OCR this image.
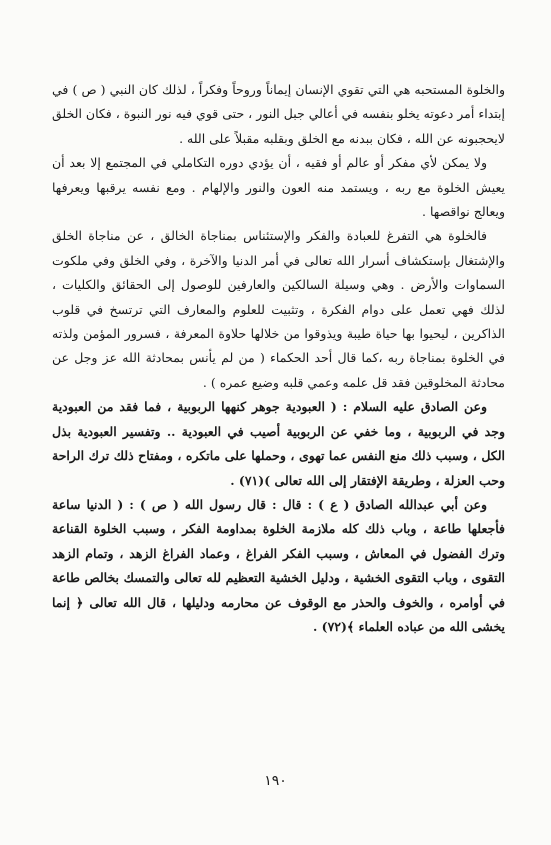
والخلوة المستحبه هي التي تقوي الإنسان إيماناً وروحاً وفكراً ، لذلك كان النبي ( ص ) في إبتداء أمر دعوته يخلو بنفسه في أعالي جبل النور ، حتى قوي فيه نور النبوة ، فكان الخلق لايحجبونه عن الله ، فكان ببدنه مع الخلق وبقلبه مقبلاً على الله .

ولا يمكن لأي مفكر أو عالم أو فقيه ، أن يؤدي دوره التكاملي في المجتمع إلا بعد أن يعيش الخلوة مع ربه ، ويستمد منه العون والنور والإلهام . ومع نفسه يرقبها ويعرفها ويعالج نواقصها .

فالخلوة هي التفرغ للعبادة والفكر والإستئناس بمناجاة الخالق ، عن مناجاة الخلق والإشتغال بإستكشاف أسرار الله تعالى في أمر الدنيا والآخرة ، وفي الخلق وفي ملكوت السماوات والأرض . وهي وسيلة السالكين والعارفين للوصول إلى الحقائق والكليات ، لذلك فهي تعمل على دوام الفكرة ، وتثبيت للعلوم والمعارف التي ترتسخ في قلوب الذاكرين ، ليحيوا بها حياة طيبة ويذوقوا من خلالها حلاوة المعرفة ، فسرور المؤمن ولذته في الخلوة بمناجاة ربه ،كما قال أحد الحكماء ( من لم يأنس بمحادثة الله عز وجل عن محادثة المخلوقين فقد قل علمه وعمي قلبه وضيع عمره ) .

وعن الصادق عليه السلام : ( العبودية جوهر كنهها الربوبية ، فما فقد من العبودية وجد في الربوبية ، وما خفي عن الربوبية أصيب في العبودية .. وتفسير العبودية بذل الكل ، وسبب ذلك منع النفس عما تهوى ، وحملها على ماتكره ، ومفتاح ذلك ترك الراحة وحب العزلة ، وطريقة الإفتقار إلى الله تعالى )(٧١) .

وعن أبي عبدالله الصادق ( ع ) : قال : قال رسول الله ( ص ) : ( الدنيا ساعة فأجعلها طاعة ، وباب ذلك كله ملازمة الخلوة بمداومة الفكر ، وسبب الخلوة القناعة وترك الفضول في المعاش ، وسبب الفكر الفراغ ، وعماد الفراغ الزهد ، وتمام الزهد التقوى ، وباب التقوى الخشية ، ودليل الخشية التعظيم لله تعالى والتمسك بخالص طاعة في أوامره ، والخوف والحذر مع الوقوف عن محارمه ودليلها ، قال الله تعالى ﴿ إنما يخشى الله من عباده العلماء ﴾(٧٢) .

١٩٠
